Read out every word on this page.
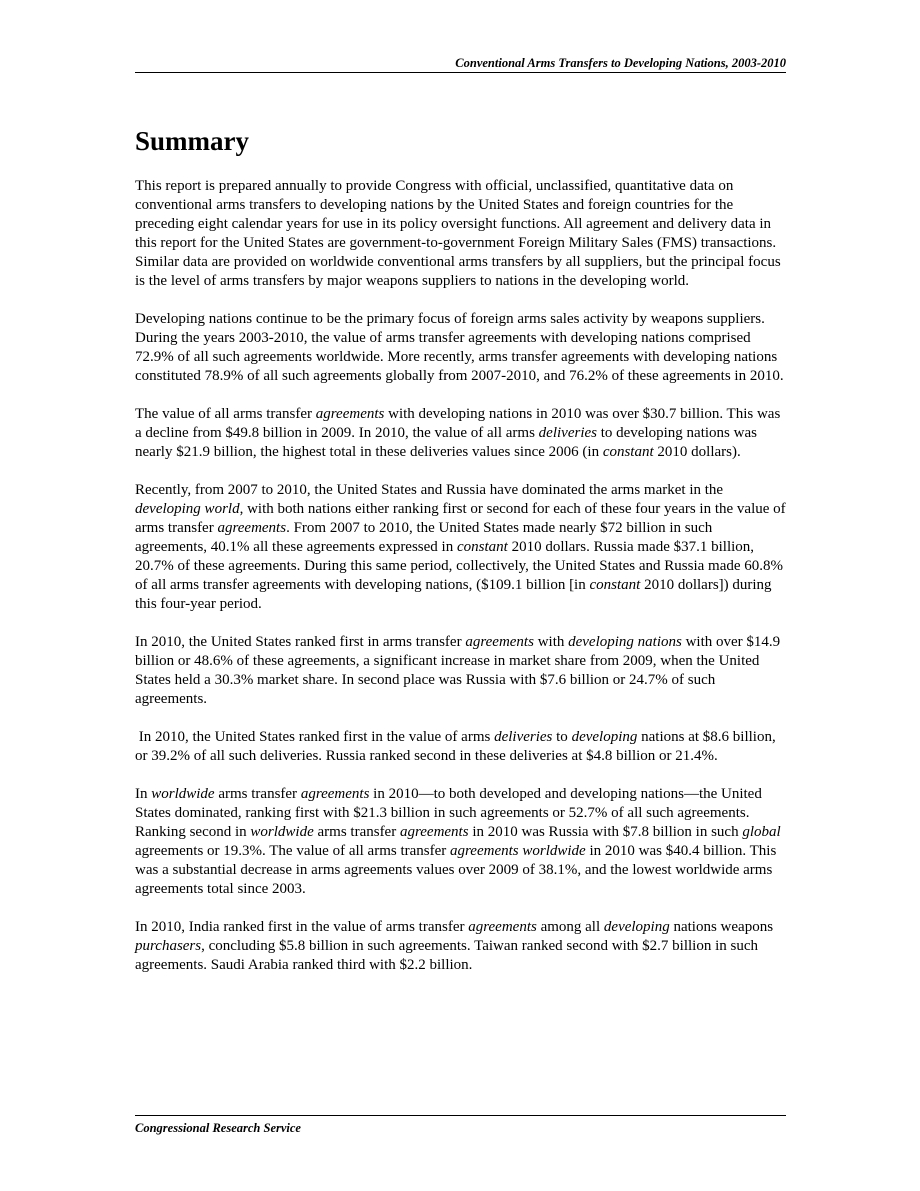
Conventional Arms Transfers to Developing Nations, 2003-2010
Summary

This report is prepared annually to provide Congress with official, unclassified, quantitative data on conventional arms transfers to developing nations by the United States and foreign countries for the preceding eight calendar years for use in its policy oversight functions. All agreement and delivery data in this report for the United States are government-to-government Foreign Military Sales (FMS) transactions. Similar data are provided on worldwide conventional arms transfers by all suppliers, but the principal focus is the level of arms transfers by major weapons suppliers to nations in the developing world.

Developing nations continue to be the primary focus of foreign arms sales activity by weapons suppliers. During the years 2003-2010, the value of arms transfer agreements with developing nations comprised 72.9% of all such agreements worldwide. More recently, arms transfer agreements with developing nations constituted 78.9% of all such agreements globally from 2007-2010, and 76.2% of these agreements in 2010.

The value of all arms transfer agreements with developing nations in 2010 was over $30.7 billion. This was a decline from $49.8 billion in 2009. In 2010, the value of all arms deliveries to developing nations was nearly $21.9 billion, the highest total in these deliveries values since 2006 (in constant 2010 dollars).

Recently, from 2007 to 2010, the United States and Russia have dominated the arms market in the developing world, with both nations either ranking first or second for each of these four years in the value of arms transfer agreements. From 2007 to 2010, the United States made nearly $72 billion in such agreements, 40.1% all these agreements expressed in constant 2010 dollars. Russia made $37.1 billion, 20.7% of these agreements. During this same period, collectively, the United States and Russia made 60.8% of all arms transfer agreements with developing nations, ($109.1 billion [in constant 2010 dollars]) during this four-year period.

In 2010, the United States ranked first in arms transfer agreements with developing nations with over $14.9 billion or 48.6% of these agreements, a significant increase in market share from 2009, when the United States held a 30.3% market share. In second place was Russia with $7.6 billion or 24.7% of such agreements.

In 2010, the United States ranked first in the value of arms deliveries to developing nations at $8.6 billion, or 39.2% of all such deliveries. Russia ranked second in these deliveries at $4.8 billion or 21.4%.

In worldwide arms transfer agreements in 2010—to both developed and developing nations—the United States dominated, ranking first with $21.3 billion in such agreements or 52.7% of all such agreements. Ranking second in worldwide arms transfer agreements in 2010 was Russia with $7.8 billion in such global agreements or 19.3%. The value of all arms transfer agreements worldwide in 2010 was $40.4 billion. This was a substantial decrease in arms agreements values over 2009 of 38.1%, and the lowest worldwide arms agreements total since 2003.

In 2010, India ranked first in the value of arms transfer agreements among all developing nations weapons purchasers, concluding $5.8 billion in such agreements. Taiwan ranked second with $2.7 billion in such agreements. Saudi Arabia ranked third with $2.2 billion.

Congressional Research Service
